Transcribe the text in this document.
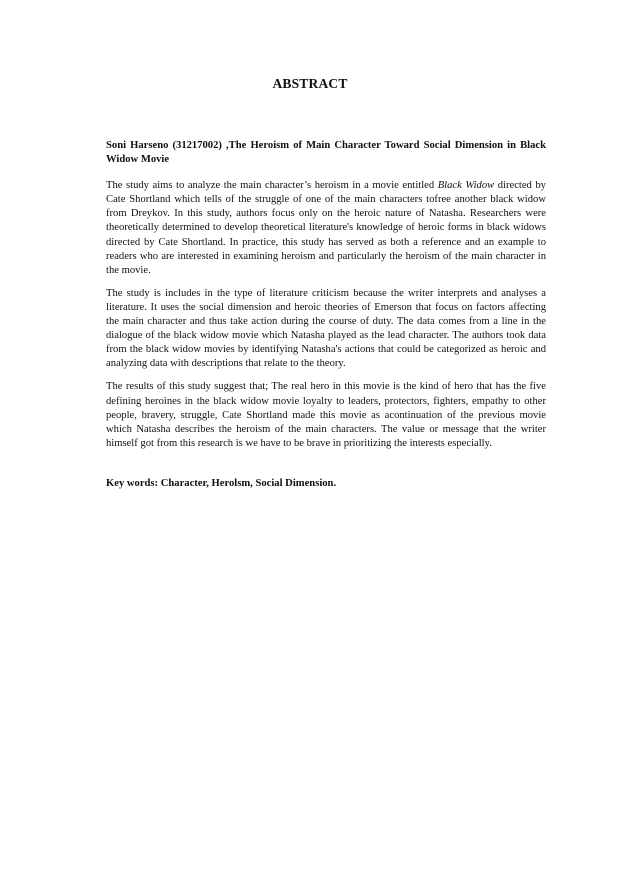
ABSTRACT

Soni Harseno (31217002) ,The Heroism of Main Character Toward Social Dimension in Black Widow Movie

The study aims to analyze the main character’s heroism in a movie entitled Black Widow directed by Cate Shortland which tells of the struggle of one of the main characters tofree another black widow from Dreykov. In this study, authors focus only on the heroic nature of Natasha. Researchers were theoretically determined to develop theoretical literature's knowledge of heroic forms in black widows directed by Cate Shortland. In practice, this study has served as both a reference and an example to readers who are interested in examining heroism and particularly the heroism of the main character in the movie.

The study is includes in the type of literature criticism because the writer interprets and analyses a literature. It uses the social dimension and heroic theories of Emerson that focus on factors affecting the main character and thus take action during the course of duty. The data comes from a line in the dialogue of the black widow movie which Natasha played as the lead character. The authors took data from the black widow movies by identifying Natasha's actions that could be categorized as heroic and analyzing data with descriptions that relate to the theory.

The results of this study suggest that; The real hero in this movie is the kind of hero that has the five defining heroines in the black widow movie loyalty to leaders, protectors, fighters, empathy to other people, bravery, struggle, Cate Shortland made this movie as acontinuation of the previous movie which Natasha describes the heroism of the main characters. The value or message that the writer himself got from this research is we have to be brave in prioritizing the interests especially.

Key words: Character, Herolsm, Social Dimension.
